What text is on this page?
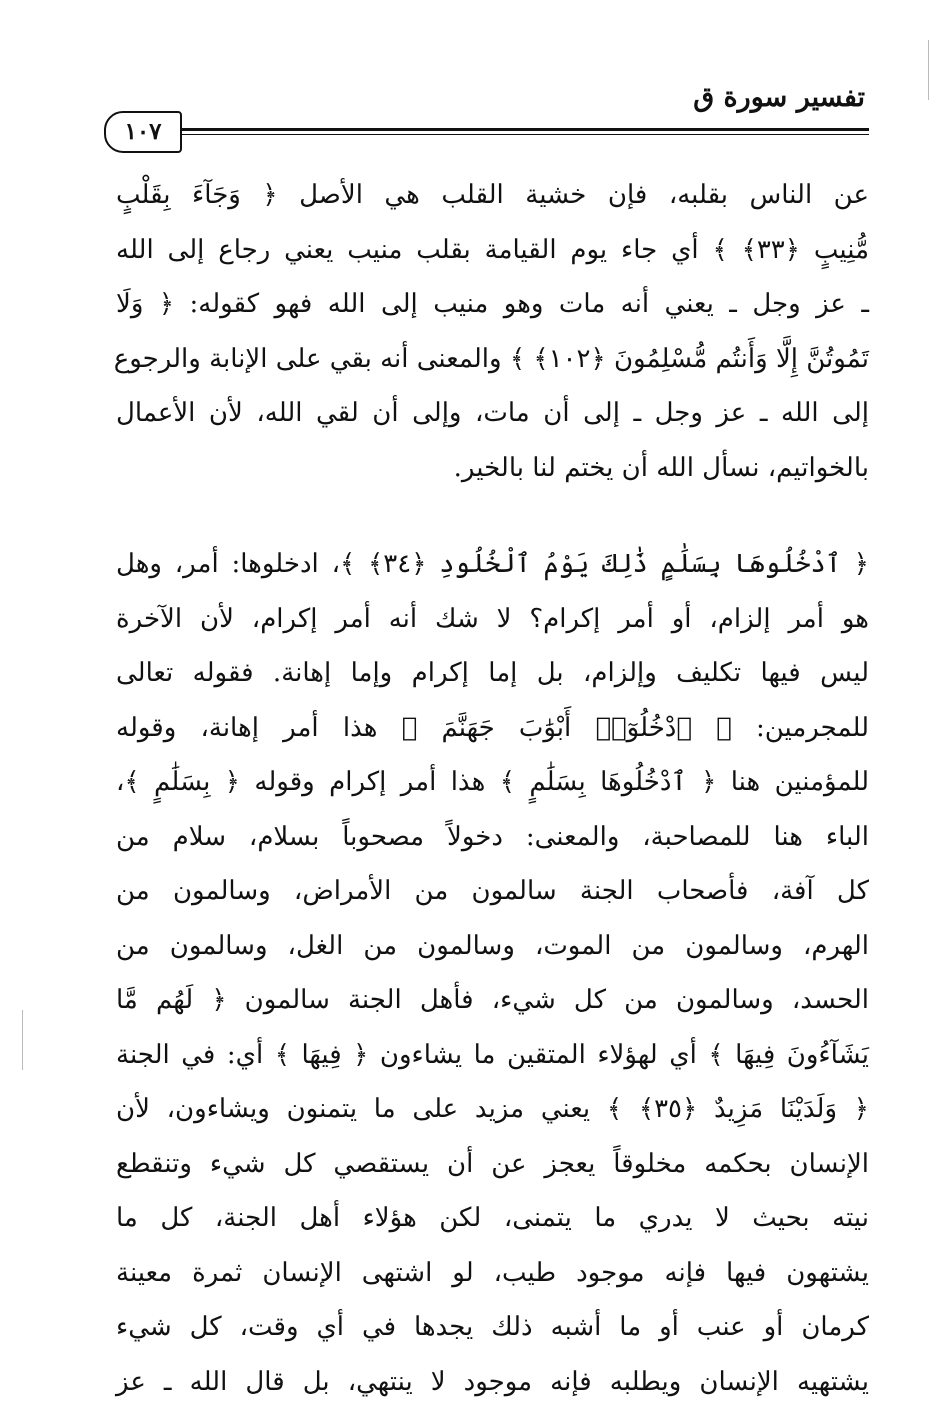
تفسير سورة ق
١٠٧
عن الناس بقلبه، فإن خشية القلب هي الأصل ﴿ وَجَآءَ بِقَلْبٍ
مُّنِيبٍ ﴿٣٣﴾ ﴾ أي جاء يوم القيامة بقلب منيب يعني رجاع إلى الله
ـ عز وجل ـ يعني أنه مات وهو منيب إلى الله فهو كقوله: ﴿ وَلَا
تَمُوتُنَّ إِلَّا وَأَنتُم مُّسْلِمُونَ ﴿١٠٢﴾ ﴾ والمعنى أنه بقي على الإنابة والرجوع
إلى الله ـ عز وجل ـ إلى أن مات، وإلى أن لقي الله، لأن الأعمال
بالخواتيم، نسأل الله أن يختم لنا بالخير.
﴿ ٱدْخُلُوهَا بِسَلَٰمٍ ذَٰلِكَ يَوْمُ ٱلْخُلُودِ ﴿٣٤﴾ ﴾، ادخلوها: أمر، وهل
هو أمر إلزام، أو أمر إكرام؟ لا شك أنه أمر إكرام، لأن الآخرة
ليس فيها تكليف وإلزام، بل إما إكرام وإما إهانة. فقوله تعالى
للمجرمين: ﴿ ٱدْخُلُوٓا۟ أَبْوَٰبَ جَهَنَّمَ ﴾ هذا أمر إهانة، وقوله
للمؤمنين هنا ﴿ ٱدْخُلُوهَا بِسَلَٰمٍ ﴾ هذا أمر إكرام وقوله ﴿ بِسَلَٰمٍ ﴾،
الباء هنا للمصاحبة، والمعنى: دخولاً مصحوباً بسلام، سلام من
كل آفة، فأصحاب الجنة سالمون من الأمراض، وسالمون من
الهرم، وسالمون من الموت، وسالمون من الغل، وسالمون من
الحسد، وسالمون من كل شيء، فأهل الجنة سالمون ﴿ لَهُم مَّا
يَشَآءُونَ فِيهَا ﴾ أي لهؤلاء المتقين ما يشاءون ﴿ فِيهَا ﴾ أي: في الجنة
﴿ وَلَدَيْنَا مَزِيدٌ ﴿٣٥﴾ ﴾ يعني مزيد على ما يتمنون ويشاءون، لأن
الإنسان بحكمه مخلوقاً يعجز عن أن يستقصي كل شيء وتنقطع
نيته بحيث لا يدري ما يتمنى، لكن هؤلاء أهل الجنة، كل ما
يشتهون فيها فإنه موجود طيب، لو اشتهى الإنسان ثمرة معينة
كرمان أو عنب أو ما أشبه ذلك يجدها في أي وقت، كل شيء
يشتهيه الإنسان ويطلبه فإنه موجود لا ينتهي، بل قال الله ـ عز
